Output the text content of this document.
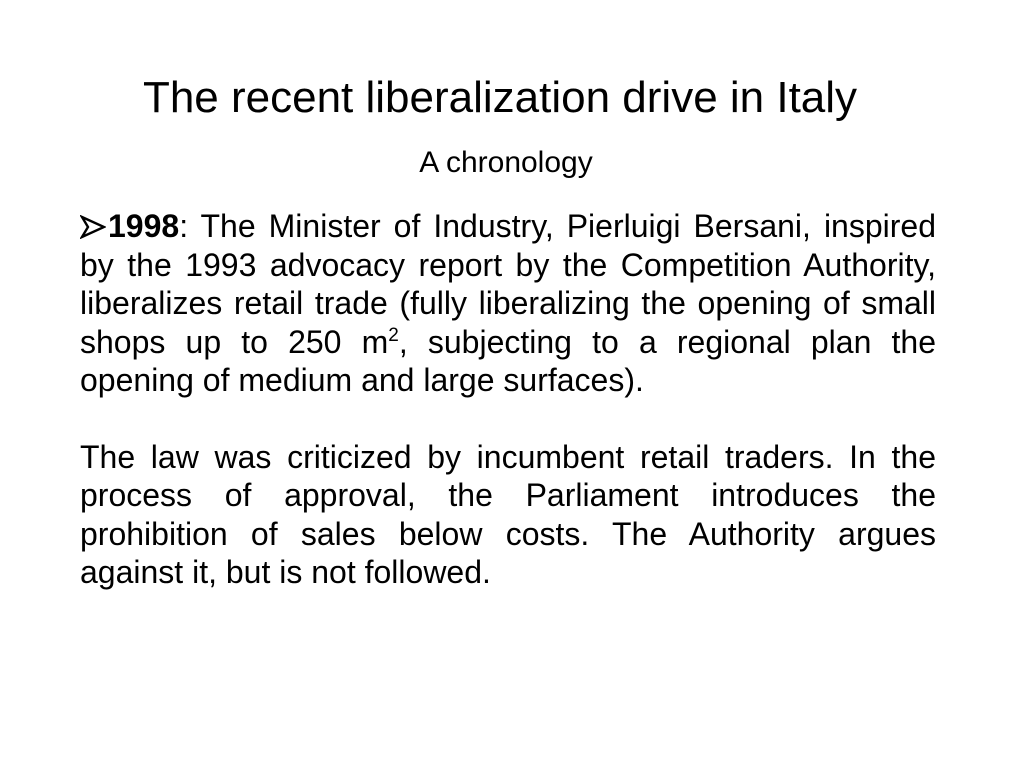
The recent liberalization drive in Italy
A chronology

1998: The Minister of Industry, Pierluigi Bersani, inspired by the 1993 advocacy report by the Competition Authority, liberalizes retail trade (fully liberalizing the opening of small shops up to 250 $m^2$, subjecting to a regional plan the opening of medium and large surfaces).

The law was criticized by incumbent retail traders. In the process of approval, the Parliament introduces the prohibition of sales below costs. The Authority argues against it, but is not followed.
